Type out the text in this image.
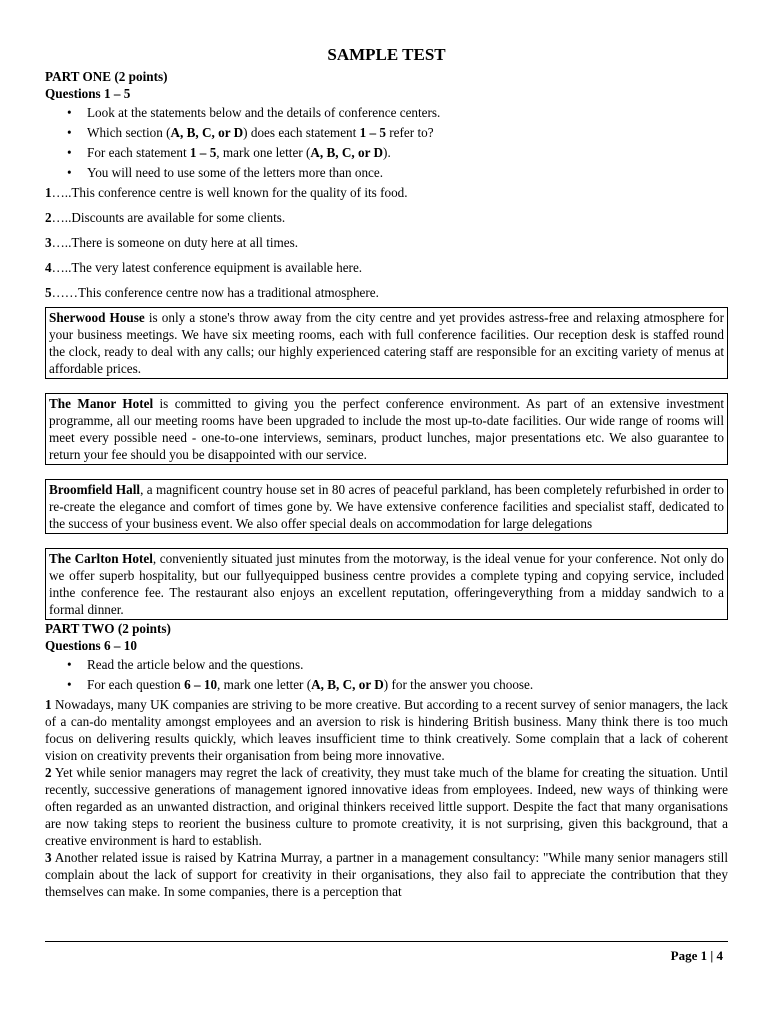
SAMPLE TEST
PART ONE (2 points)
Questions 1 – 5
• Look at the statements below and the details of conference centers.
• Which section (A, B, C, or D) does each statement 1 – 5 refer to?
• For each statement 1 – 5, mark one letter (A, B, C, or D).
• You will need to use some of the letters more than once.
1…..This conference centre is well known for the quality of its food.
2…..Discounts are available for some clients.
3…..There is someone on duty here at all times.
4…..The very latest conference equipment is available here.
5……This conference centre now has a traditional atmosphere.
Sherwood House is only a stone's throw away from the city centre and yet provides astress-free and relaxing atmosphere for your business meetings. We have six meeting rooms, each with full conference facilities. Our reception desk is staffed round the clock, ready to deal with any calls; our highly experienced catering staff are responsible for an exciting variety of menus at affordable prices.
The Manor Hotel is committed to giving you the perfect conference environment. As part of an extensive investment programme, all our meeting rooms have been upgraded to include the most up-to-date facilities. Our wide range of rooms will meet every possible need - one-to-one interviews, seminars, product lunches, major presentations etc. We also guarantee to return your fee should you be disappointed with our service.
Broomfield Hall, a magnificent country house set in 80 acres of peaceful parkland, has been completely refurbished in order to re-create the elegance and comfort of times gone by. We have extensive conference facilities and specialist staff, dedicated to the success of your business event. We also offer special deals on accommodation for large delegations
The Carlton Hotel, conveniently situated just minutes from the motorway, is the ideal venue for your conference. Not only do we offer superb hospitality, but our fullyequipped business centre provides a complete typing and copying service, included inthe conference fee. The restaurant also enjoys an excellent reputation, offeringeverything from a midday sandwich to a formal dinner.
PART TWO (2 points)
Questions 6 – 10
• Read the article below and the questions.
• For each question 6 – 10, mark one letter (A, B, C, or D) for the answer you choose.
1 Nowadays, many UK companies are striving to be more creative. But according to a recent survey of senior managers, the lack of a can-do mentality amongst employees and an aversion to risk is hindering British business. Many think there is too much focus on delivering results quickly, which leaves insufficient time to think creatively. Some complain that a lack of coherent vision on creativity prevents their organisation from being more innovative.
2 Yet while senior managers may regret the lack of creativity, they must take much of the blame for creating the situation. Until recently, successive generations of management ignored innovative ideas from employees. Indeed, new ways of thinking were often regarded as an unwanted distraction, and original thinkers received little support. Despite the fact that many organisations are now taking steps to reorient the business culture to promote creativity, it is not surprising, given this background, that a creative environment is hard to establish.
3 Another related issue is raised by Katrina Murray, a partner in a management consultancy: "While many senior managers still complain about the lack of support for creativity in their organisations, they also fail to appreciate the contribution that they themselves can make. In some companies, there is a perception that
Page 1 | 4
